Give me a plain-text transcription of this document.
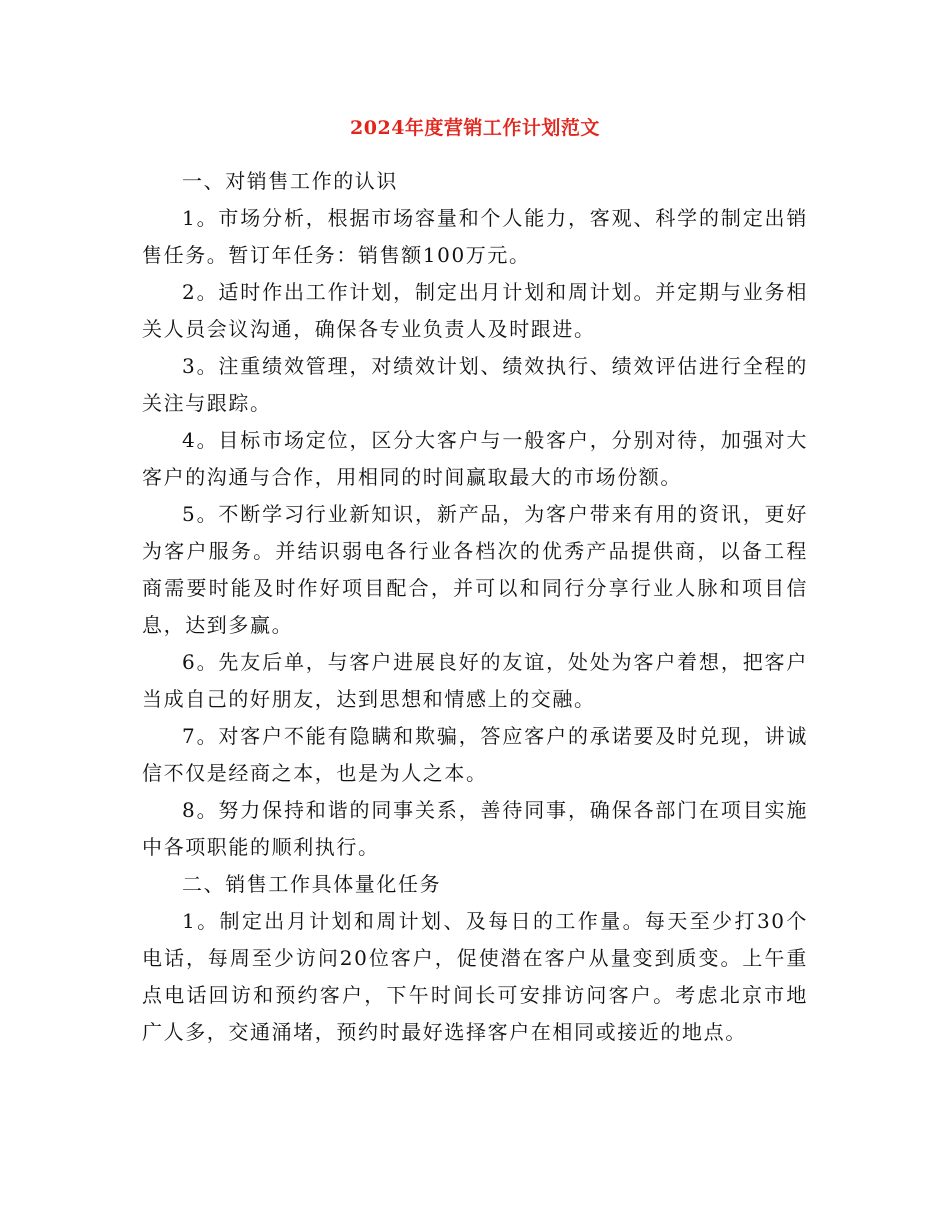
2024年度营销工作计划范文

一、对销售工作的认识

1。市场分析，根据市场容量和个人能力，客观、科学的制定出销售任务。暂订年任务：销售额100万元。

2。适时作出工作计划，制定出月计划和周计划。并定期与业务相关人员会议沟通，确保各专业负责人及时跟进。

3。注重绩效管理，对绩效计划、绩效执行、绩效评估进行全程的关注与跟踪。

4。目标市场定位，区分大客户与一般客户，分别对待，加强对大客户的沟通与合作，用相同的时间赢取最大的市场份额。

5。不断学习行业新知识，新产品，为客户带来有用的资讯，更好为客户服务。并结识弱电各行业各档次的优秀产品提供商，以备工程商需要时能及时作好项目配合，并可以和同行分享行业人脉和项目信息，达到多赢。

6。先友后单，与客户进展良好的友谊，处处为客户着想，把客户当成自己的好朋友，达到思想和情感上的交融。

7。对客户不能有隐瞒和欺骗，答应客户的承诺要及时兑现，讲诚信不仅是经商之本，也是为人之本。

8。努力保持和谐的同事关系，善待同事，确保各部门在项目实施中各项职能的顺利执行。

二、销售工作具体量化任务

1。制定出月计划和周计划、及每日的工作量。每天至少打30个电话，每周至少访问20位客户，促使潜在客户从量变到质变。上午重点电话回访和预约客户，下午时间长可安排访问客户。考虑北京市地广人多，交通涌堵，预约时最好选择客户在相同或接近的地点。
